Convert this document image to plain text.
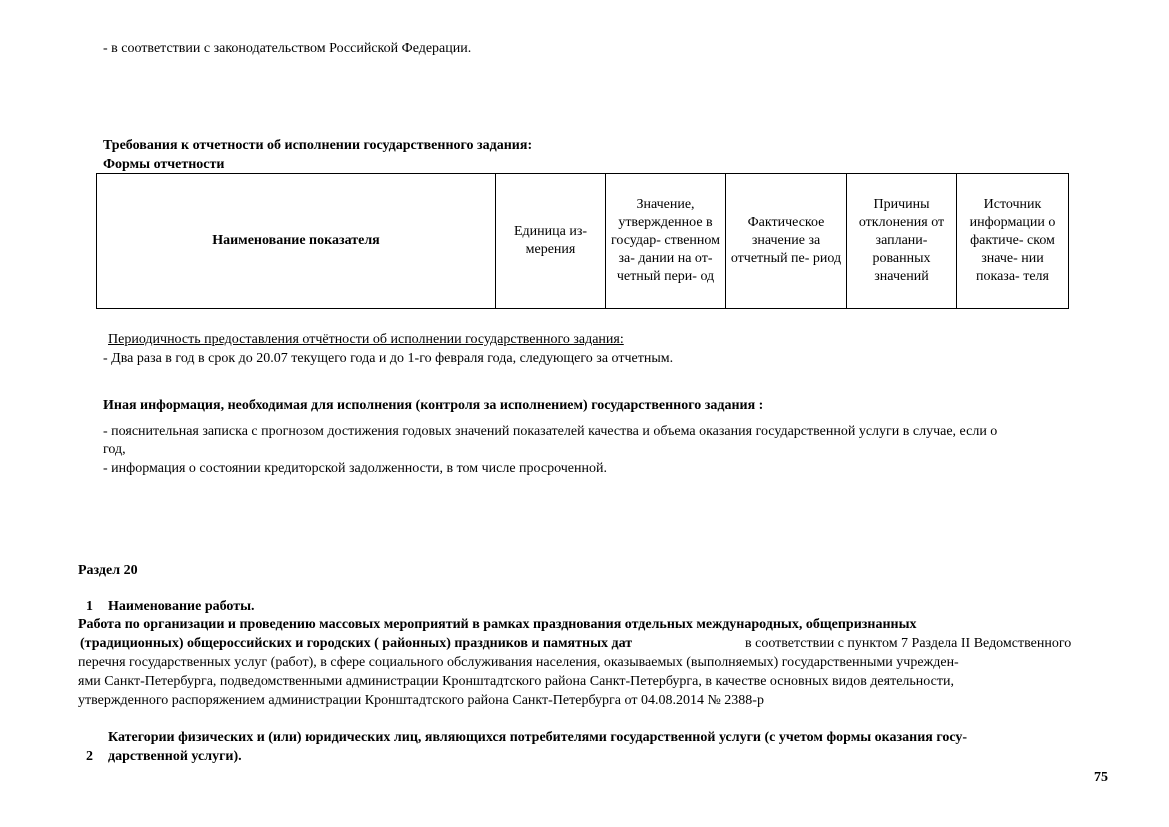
- в соответствии с законодательством Российской Федерации.
Требования к отчетности об исполнении государственного задания:
Формы отчетности
Наименование показателя	Единица из- мерения	Значение, утвержденное в государ- ственном за- дании на от- четный пери- од	Фактическое значение за отчетный пе- риод	Причины отклонения от заплани- рованных значений	Источник информации о фактиче- ском значе- нии показа- теля
Периодичность предоставления отчётности об исполнении государственного задания:
- Два раза в год в срок до 20.07 текущего года и до 1-го февраля года, следующего за отчетным.
Иная информация, необходимая для исполнения (контроля за исполнением) государственного задания :
- пояснительная записка с прогнозом достижения годовых значений показателей качества и объема оказания государственной услуги в случае, если о
год,
- информация о состоянии кредиторской задолженности, в том числе просроченной.
Раздел 20
1 Наименование работы.
Работа по организации и проведению массовых мероприятий в рамках празднования отдельных международных, общепризнанных
(традиционных) общероссийских и городских ( районных) праздников и памятных дат	в соответствии с пунктом 7 Раздела II Ведомственного
перечня государственных услуг (работ), в сфере социального обслуживания населения, оказываемых (выполняемых) государственными учрежден-
ями Санкт-Петербурга, подведомственными администрации Кронштадтского района Санкт-Петербурга, в качестве основных видов деятельности,
утвержденного распоряжением администрации Кронштадтского района Санкт-Петербурга от 04.08.2014 № 2388-р
Категории физических и (или) юридических лиц, являющихся потребителями государственной услуги (с учетом формы оказания госу-
2 дарственной услуги).
75
